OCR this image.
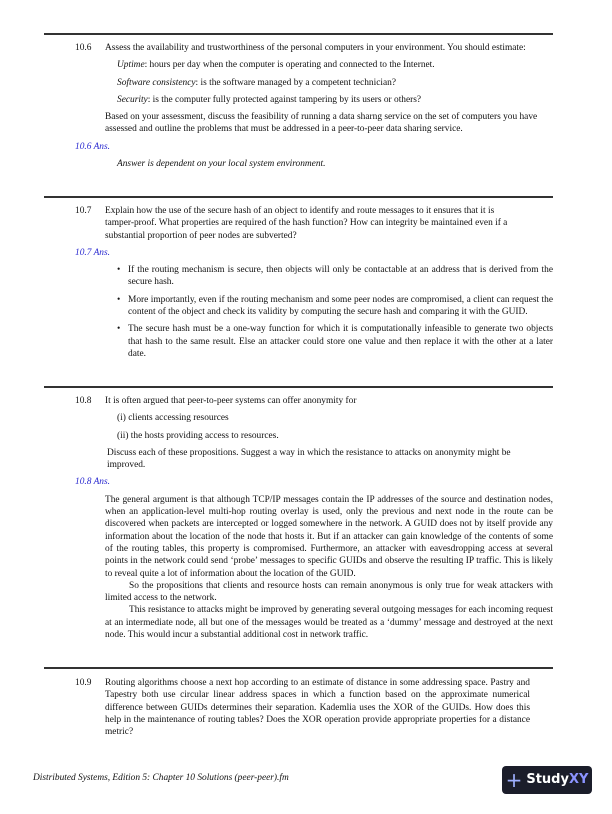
10.6 Assess the availability and trustworthiness of the personal computers in your environment. You should estimate:

Uptime: hours per day when the computer is operating and connected to the Internet.

Software consistency: is the software managed by a competent technician?

Security: is the computer fully protected against tampering by its users or others?

Based on your assessment, discuss the feasibility of running a data sharng service on the set of computers you have assessed and outline the problems that must be addressed in a peer-to-peer data sharing service.

10.6 Ans.
Answer is dependent on your local system environment.
10.7 Explain how the use of the secure hash of an object to identify and route messages to it ensures that it is tamper-proof. What properties are required of the hash function? How can integrity be maintained even if a substantial proportion of peer nodes are subverted?

10.7 Ans.
• If the routing mechanism is secure, then objects will only be contactable at an address that is derived from the secure hash.
• More importantly, even if the routing mechanism and some peer nodes are compromised, a client can request the content of the object and check its validity by computing the secure hash and comparing it with the GUID.
• The secure hash must be a one-way function for which it is computationally infeasible to generate two objects that hash to the same result. Else an attacker could store one value and then replace it with the other at a later date.
10.8 It is often argued that peer-to-peer systems can offer anonymity for

(i) clients accessing resources

(ii) the hosts providing access to resources.

Discuss each of these propositions. Suggest a way in which the resistance to attacks on anonymity might be improved.

10.8 Ans.
The general argument is that although TCP/IP messages contain the IP addresses of the source and destination nodes, when an application-level multi-hop routing overlay is used, only the previous and next node in the route can be discovered when packets are intercepted or logged somewhere in the network. A GUID does not by itself provide any information about the location of the node that hosts it. But if an attacker can gain knowledge of the contents of some of the routing tables, this property is compromised. Furthermore, an attacker with eavesdropping access at several points in the network could send ‘probe’ messages to specific GUIDs and observe the resulting IP traffic. This is likely to reveal quite a lot of information about the location of the GUID.
So the propositions that clients and resource hosts can remain anonymous is only true for weak attackers with limited access to the network.
This resistance to attacks might be improved by generating several outgoing messages for each incoming request at an intermediate node, all but one of the messages would be treated as a ‘dummy’ message and destroyed at the next node. This would incur a substantial additional cost in network traffic.
10.9 Routing algorithms choose a next hop according to an estimate of distance in some addressing space. Pastry and Tapestry both use circular linear address spaces in which a function based on the approximate numerical difference between GUIDs determines their separation. Kademlia uses the XOR of the GUIDs. How does this help in the maintenance of routing tables? Does the XOR operation provide appropriate properties for a distance metric?

Distributed Systems, Edition 5: Chapter 10 Solutions (peer-peer).fm	+ StudyXY
